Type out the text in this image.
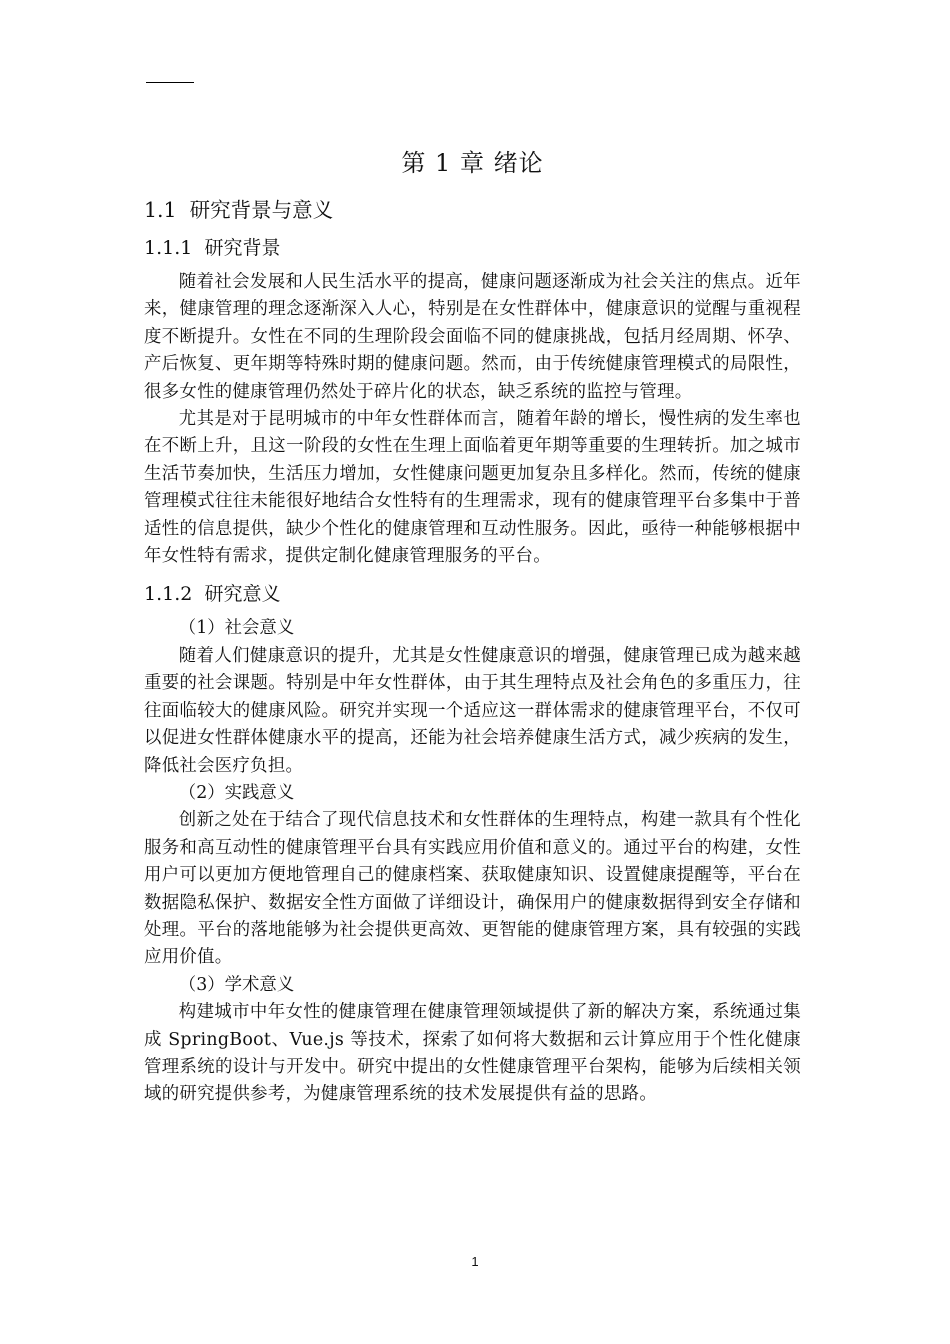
第 1 章 绪论
1.1 研究背景与意义
1.1.1 研究背景

随着社会发展和人民生活水平的提高，健康问题逐渐成为社会关注的焦点。近年来，健康管理的理念逐渐深入人心，特别是在女性群体中，健康意识的觉醒与重视程度不断提升。女性在不同的生理阶段会面临不同的健康挑战，包括月经周期、怀孕、产后恢复、更年期等特殊时期的健康问题。然而，由于传统健康管理模式的局限性，很多女性的健康管理仍然处于碎片化的状态，缺乏系统的监控与管理。

尤其是对于昆明城市的中年女性群体而言，随着年龄的增长，慢性病的发生率也在不断上升，且这一阶段的女性在生理上面临着更年期等重要的生理转折。加之城市生活节奏加快，生活压力增加，女性健康问题更加复杂且多样化。然而，传统的健康管理模式往往未能很好地结合女性特有的生理需求，现有的健康管理平台多集中于普适性的信息提供，缺少个性化的健康管理和互动性服务。因此，亟待一种能够根据中年女性特有需求，提供定制化健康管理服务的平台。

1.1.2 研究意义

（1）社会意义

随着人们健康意识的提升，尤其是女性健康意识的增强，健康管理已成为越来越重要的社会课题。特别是中年女性群体，由于其生理特点及社会角色的多重压力，往往面临较大的健康风险。研究并实现一个适应这一群体需求的健康管理平台，不仅可以促进女性群体健康水平的提高，还能为社会培养健康生活方式，减少疾病的发生，降低社会医疗负担。

（2）实践意义

创新之处在于结合了现代信息技术和女性群体的生理特点，构建一款具有个性化服务和高互动性的健康管理平台具有实践应用价值和意义的。通过平台的构建，女性用户可以更加方便地管理自己的健康档案、获取健康知识、设置健康提醒等，平台在数据隐私保护、数据安全性方面做了详细设计，确保用户的健康数据得到安全存储和处理。平台的落地能够为社会提供更高效、更智能的健康管理方案，具有较强的实践应用价值。

（3）学术意义

构建城市中年女性的健康管理在健康管理领域提供了新的解决方案，系统通过集成 SpringBoot、Vue.js 等技术，探索了如何将大数据和云计算应用于个性化健康管理系统的设计与开发中。研究中提出的女性健康管理平台架构，能够为后续相关领域的研究提供参考，为健康管理系统的技术发展提供有益的思路。

1
